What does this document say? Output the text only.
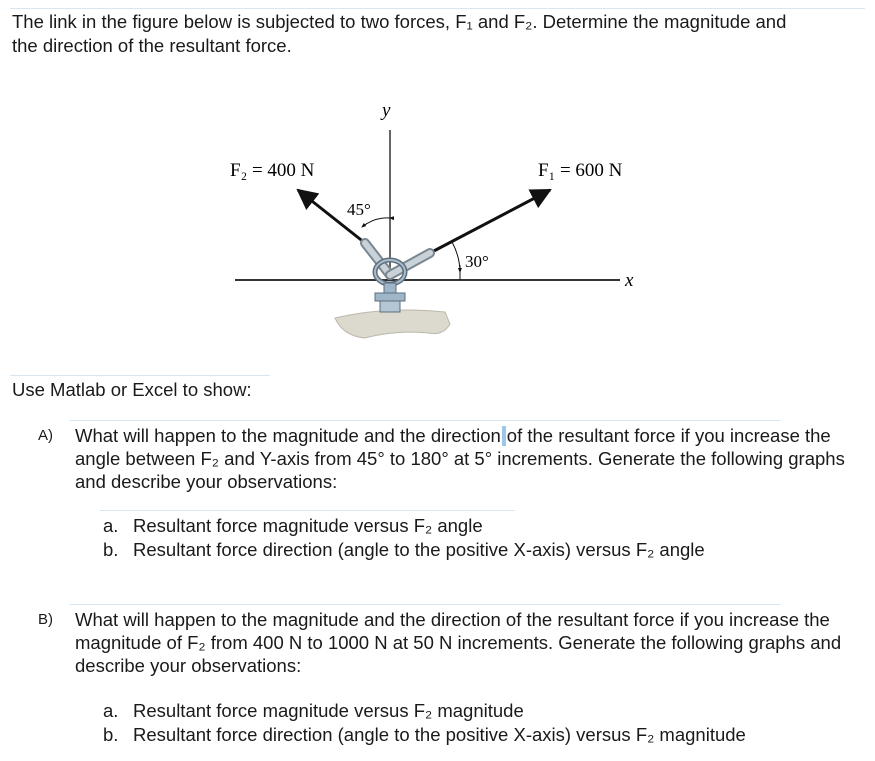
The link in the figure below is subjected to two forces, F₁ and F₂. Determine the magnitude and
the direction of the resultant force.

y
x
F₂ = 400 N	F₁ = 600 N
45°
30°

Use Matlab or Excel to show:

A) What will happen to the magnitude and the direction of the resultant force if you increase the angle between F₂ and Y-axis from 45° to 180° at 5° increments. Generate the following graphs and describe your observations:

a. Resultant force magnitude versus F₂ angle
b. Resultant force direction (angle to the positive X-axis) versus F₂ angle
B) What will happen to the magnitude and the direction of the resultant force if you increase the magnitude of F₂ from 400 N to 1000 N at 50 N increments. Generate the following graphs and describe your observations:

a. Resultant force magnitude versus F₂ magnitude
b. Resultant force direction (angle to the positive X-axis) versus F₂ magnitude
